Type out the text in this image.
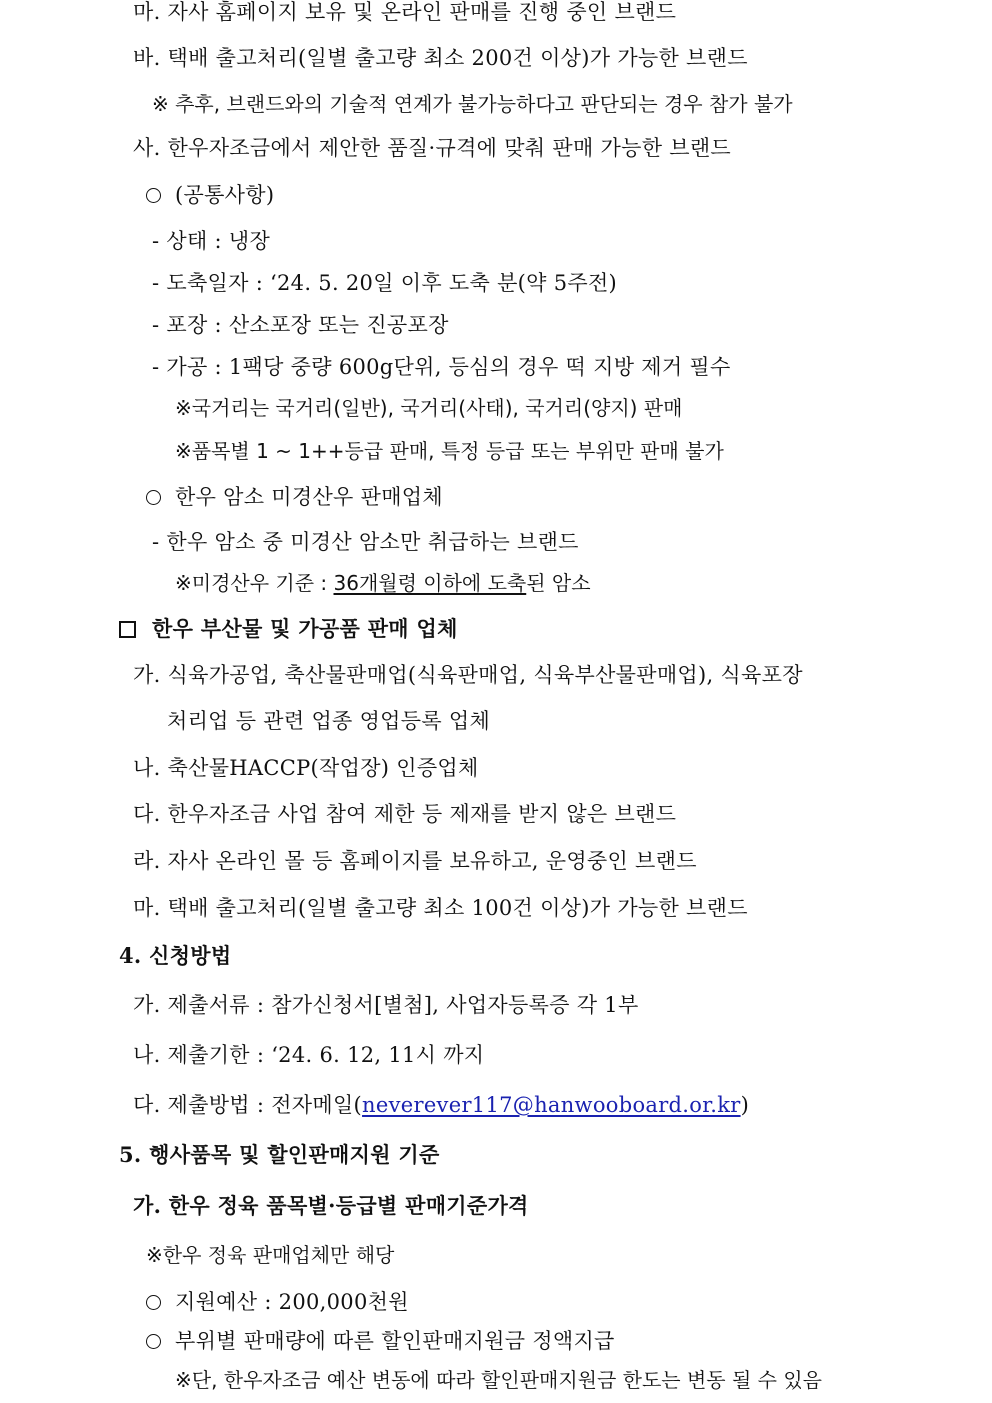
마. 자사 홈페이지 보유 및 온라인 판매를 진행 중인 브랜드
바. 택배 출고처리(일별 출고량 최소 200건 이상)가 가능한 브랜드
※ 추후, 브랜드와의 기술적 연계가 불가능하다고 판단되는 경우 참가 불가
사. 한우자조금에서 제안한 품질·규격에 맞춰 판매 가능한 브랜드
(공통사항)
- 상태 : 냉장
- 도축일자 : ‘24. 5. 20일 이후 도축 분(약 5주전)
- 포장 : 산소포장 또는 진공포장
- 가공 : 1팩당 중량 600g단위, 등심의 경우 떡 지방 제거 필수
※국거리는 국거리(일반), 국거리(사태), 국거리(양지) 판매
※품목별 1 ~ 1++등급 판매, 특정 등급 또는 부위만 판매 불가
한우 암소 미경산우 판매업체
- 한우 암소 중 미경산 암소만 취급하는 브랜드
※미경산우 기준 : 36개월령 이하에 도축된 암소
한우 부산물 및 가공품 판매 업체
가. 식육가공업, 축산물판매업(식육판매업, 식육부산물판매업), 식육포장
처리업 등 관련 업종 영업등록 업체
나. 축산물HACCP(작업장) 인증업체
다. 한우자조금 사업 참여 제한 등 제재를 받지 않은 브랜드
라. 자사 온라인 몰 등 홈페이지를 보유하고, 운영중인 브랜드
마. 택배 출고처리(일별 출고량 최소 100건 이상)가 가능한 브랜드
4. 신청방법
가. 제출서류 : 참가신청서[별첨], 사업자등록증 각 1부
나. 제출기한 : ‘24. 6. 12, 11시 까지
다. 제출방법 : 전자메일(neverever117@hanwooboard.or.kr)
5. 행사품목 및 할인판매지원 기준
가. 한우 정육 품목별·등급별 판매기준가격
※한우 정육 판매업체만 해당
지원예산 : 200,000천원
부위별 판매량에 따른 할인판매지원금 정액지급
※단, 한우자조금 예산 변동에 따라 할인판매지원금 한도는 변동 될 수 있음
